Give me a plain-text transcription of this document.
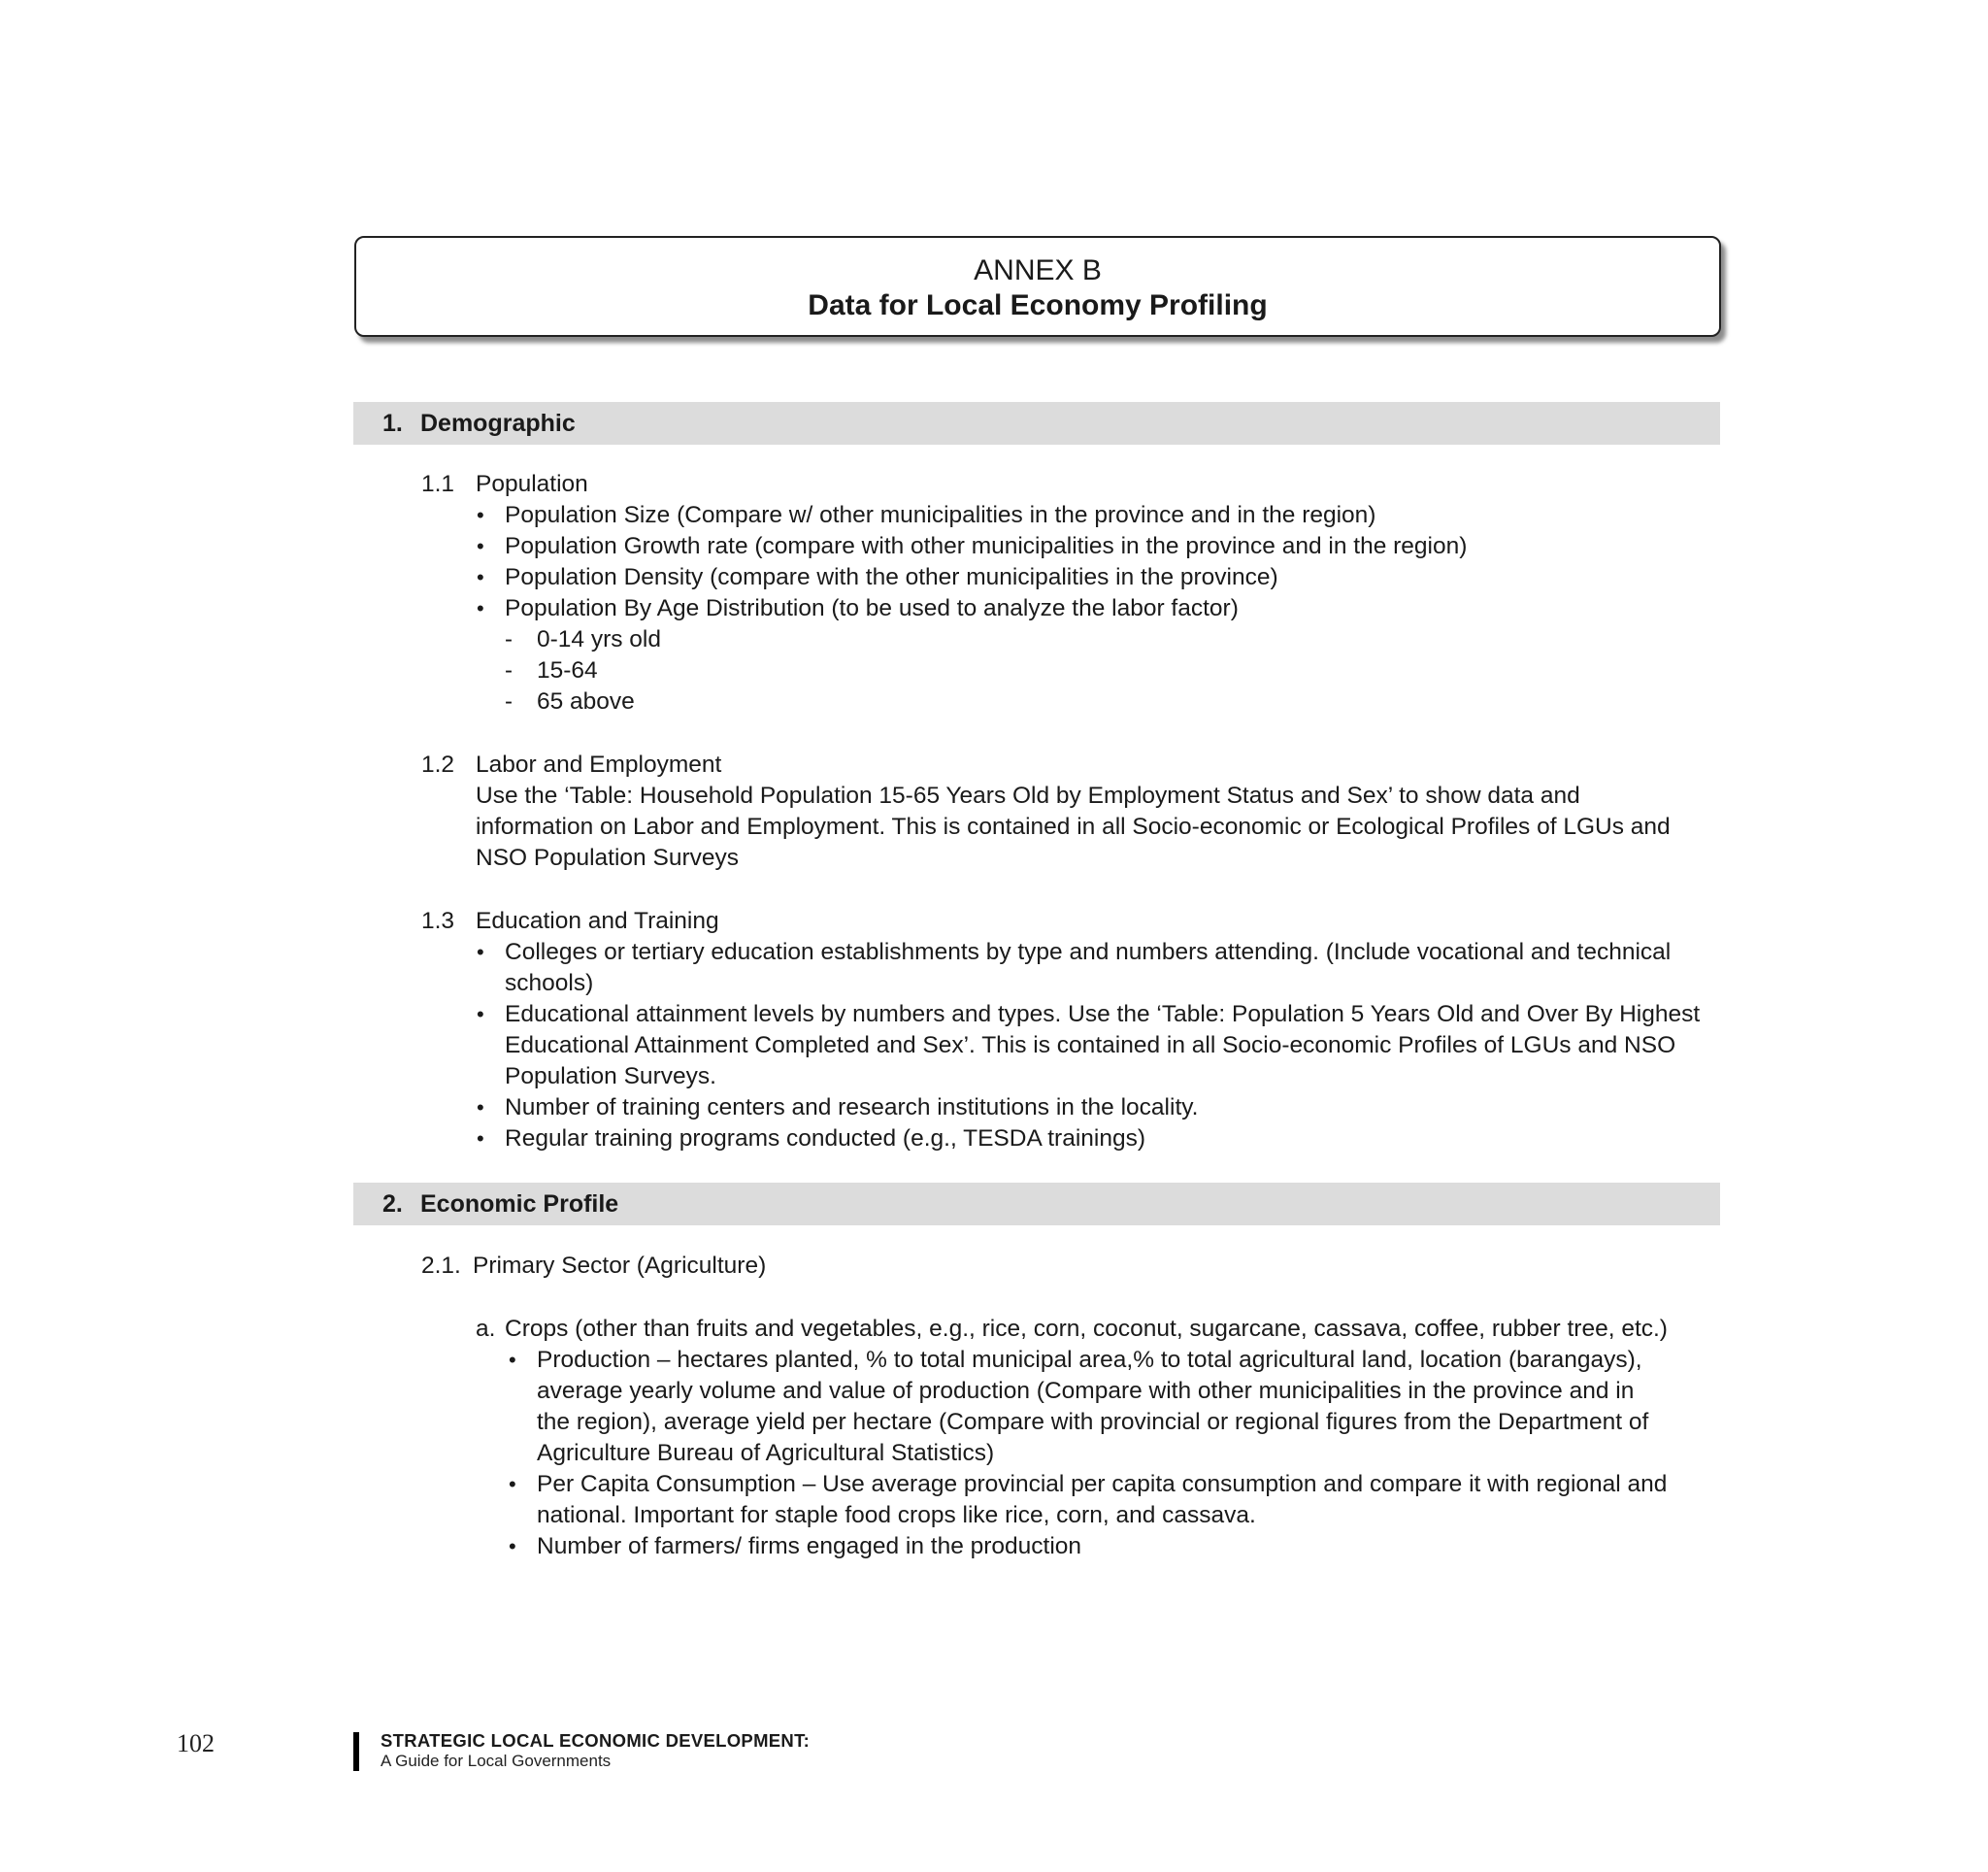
ANNEX B
Data for Local Economy Profiling
1. Demographic
1.1 Population
• Population Size (Compare w/ other municipalities in the province and in the region)
• Population Growth rate (compare with other municipalities in the province and in the region)
• Population Density (compare with the other municipalities in the province)
• Population By Age Distribution (to be used to analyze the labor factor)
- 0-14 yrs old
- 15-64
- 65 above
1.2 Labor and Employment
Use the ‘Table: Household Population 15-65 Years Old by Employment Status and Sex’ to show data and
information on Labor and Employment. This is contained in all Socio-economic or Ecological Profiles of LGUs and
NSO Population Surveys
1.3 Education and Training
• Colleges or tertiary education establishments by type and numbers attending. (Include vocational and technical
schools)
• Educational attainment levels by numbers and types. Use the ‘Table: Population 5 Years Old and Over By Highest
Educational Attainment Completed and Sex’. This is contained in all Socio-economic Profiles of LGUs and NSO
Population Surveys.
• Number of training centers and research institutions in the locality.
• Regular training programs conducted (e.g., TESDA trainings)
2. Economic Profile
2.1. Primary Sector (Agriculture)
a. Crops (other than fruits and vegetables, e.g., rice, corn, coconut, sugarcane, cassava, coffee, rubber tree, etc.)
• Production – hectares planted, % to total municipal area,% to total agricultural land, location (barangays),
average yearly volume and value of production (Compare with other municipalities in the province and in
the region), average yield per hectare (Compare with provincial or regional figures from the Department of
Agriculture Bureau of Agricultural Statistics)
• Per Capita Consumption – Use average provincial per capita consumption and compare it with regional and
national. Important for staple food crops like rice, corn, and cassava.
• Number of farmers/ firms engaged in the production
102	STRATEGIC LOCAL ECONOMIC DEVELOPMENT:
A Guide for Local Governments
